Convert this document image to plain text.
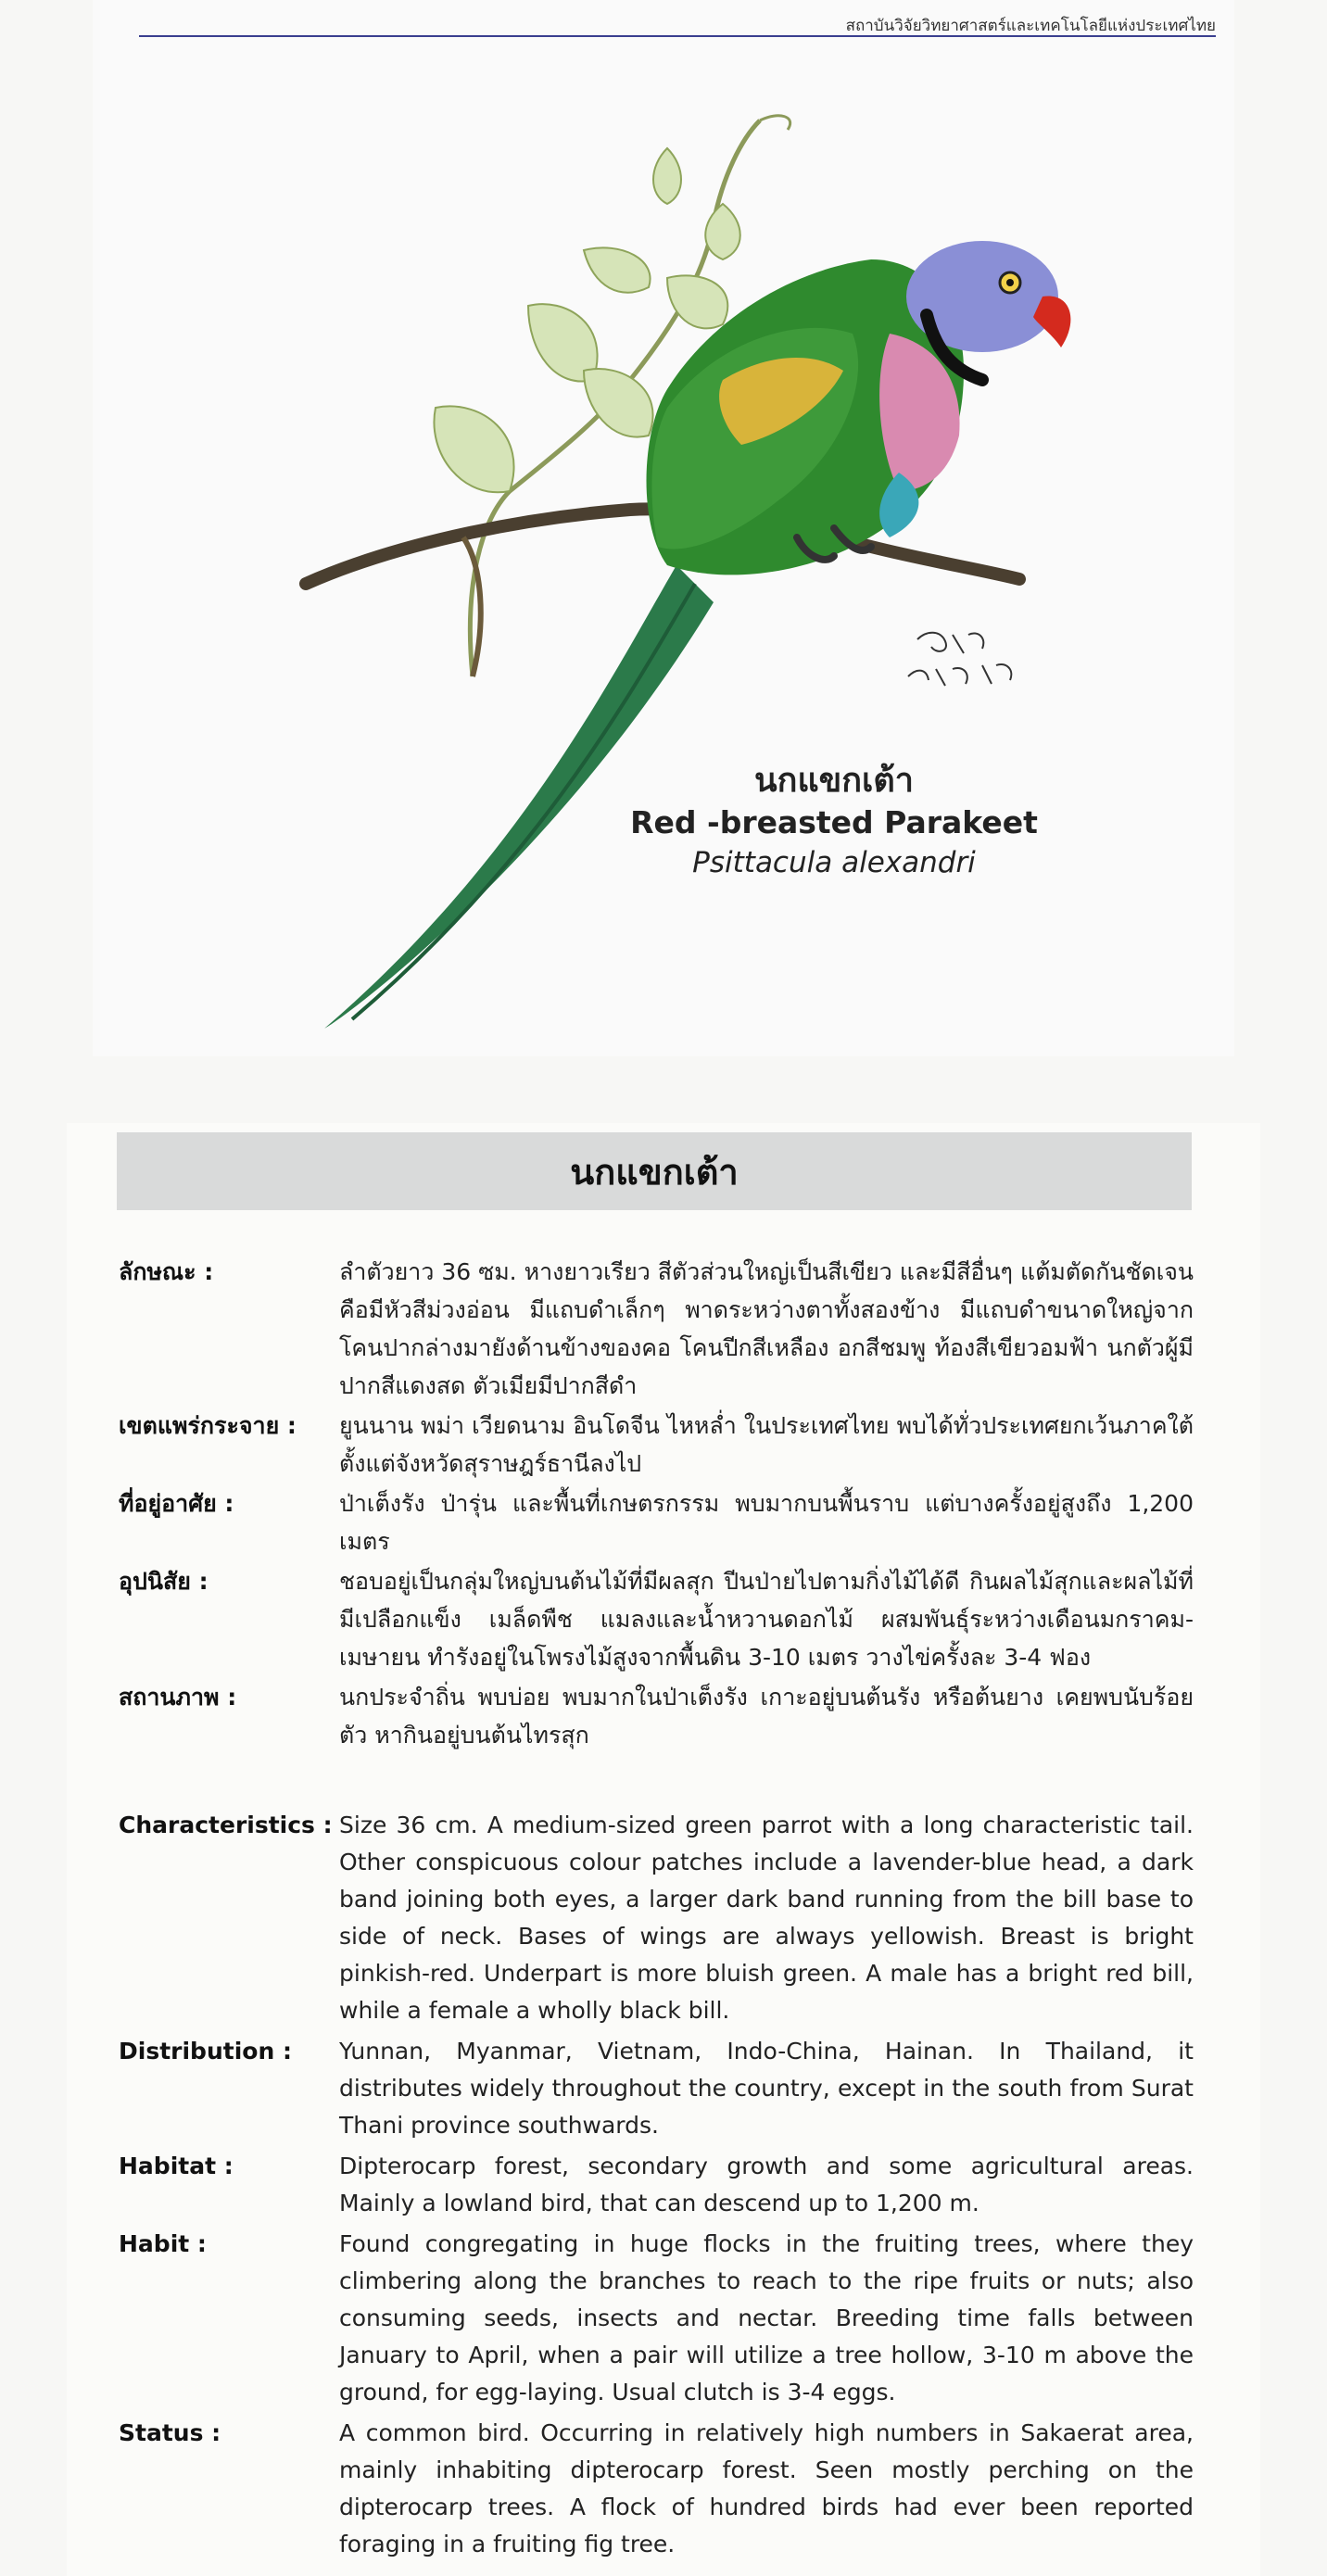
สถาบันวิจัยวิทยาศาสตร์และเทคโนโลยีแห่งประเทศไทย
นกแขกเต้า
Red -breasted Parakeet
Psittacula alexandri
นกแขกเต้า
ลักษณะ :	ลำตัวยาว 36 ซม. หางยาวเรียว สีตัวส่วนใหญ่เป็นสีเขียว และมีสีอื่นๆ แต้มตัดกันชัดเจน คือมีหัวสีม่วงอ่อน มีแถบดำเล็กๆ พาดระหว่างตาทั้งสองข้าง มีแถบดำขนาดใหญ่จากโคนปากล่างมายังด้านข้างของคอ โคนปีกสีเหลือง อกสีชมพู ท้องสีเขียวอมฟ้า นกตัวผู้มีปากสีแดงสด ตัวเมียมีปากสีดำ
เขตแพร่กระจาย :	ยูนนาน พม่า เวียดนาม อินโดจีน ไหหล่ำ ในประเทศไทย พบได้ทั่วประเทศยกเว้นภาคใต้ ตั้งแต่จังหวัดสุราษฎร์ธานีลงไป
ที่อยู่อาศัย :	ป่าเต็งรัง ป่ารุ่น และพื้นที่เกษตรกรรม พบมากบนพื้นราบ แต่บางครั้งอยู่สูงถึง 1,200 เมตร
อุปนิสัย :	ชอบอยู่เป็นกลุ่มใหญ่บนต้นไม้ที่มีผลสุก ปีนป่ายไปตามกิ่งไม้ได้ดี กินผลไม้สุกและผลไม้ที่มีเปลือกแข็ง เมล็ดพืช แมลงและน้ำหวานดอกไม้ ผสมพันธุ์ระหว่างเดือนมกราคม-เมษายน ทำรังอยู่ในโพรงไม้สูงจากพื้นดิน 3-10 เมตร วางไข่ครั้งละ 3-4 ฟอง
สถานภาพ :	นกประจำถิ่น พบบ่อย พบมากในป่าเต็งรัง เกาะอยู่บนต้นรัง หรือต้นยาง เคยพบนับร้อยตัว หากินอยู่บนต้นไทรสุก
Characteristics : Size 36 cm. A medium-sized green parrot with a long characteristic tail. Other conspicuous colour patches include a lavender-blue head, a dark band joining both eyes, a larger dark band running from the bill base to side of neck. Bases of wings are always yellowish. Breast is bright pinkish-red. Underpart is more bluish green. A male has a bright red bill, while a female a wholly black bill.
Distribution :	Yunnan, Myanmar, Vietnam, Indo-China, Hainan. In Thailand, it distributes widely throughout the country, except in the south from Surat Thani province southwards.
Habitat :	Dipterocarp forest, secondary growth and some agricultural areas. Mainly a lowland bird, that can descend up to 1,200 m.
Habit :	Found congregating in huge flocks in the fruiting trees, where they climbering along the branches to reach to the ripe fruits or nuts; also consuming seeds, insects and nectar. Breeding time falls between January to April, when a pair will utilize a tree hollow, 3-10 m above the ground, for egg-laying. Usual clutch is 3-4 eggs.
Status :	A common bird. Occurring in relatively high numbers in Sakaerat area, mainly inhabiting dipterocarp forest. Seen mostly perching on the dipterocarp trees. A flock of hundred birds had ever been reported foraging in a fruiting fig tree.
